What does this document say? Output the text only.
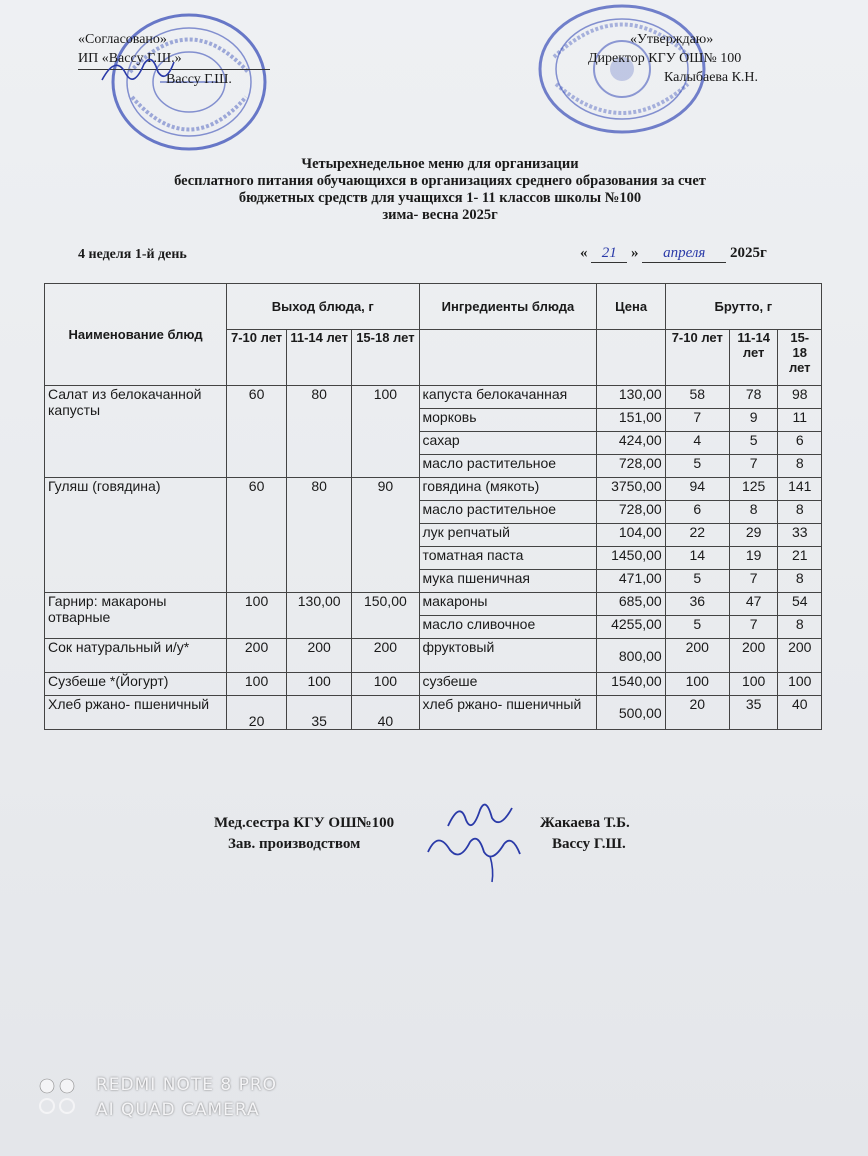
«Согласовано»
ИП «Вассу Г.Ш.»
Вассу Г.Ш.
«Утверждаю»
Директор КГУ ОШ№ 100
Калыбаева К.Н.
Четырехнедельное меню для организации
бесплатного питания обучающихся в организациях среднего образования за счет
бюджетных средств для учащихся 1- 11 классов школы №100
зима- весна 2025г
4 неделя 1-й день	« 21 » апреля 2025г
Наименование блюд	Выход блюда, г			Ингредиенты блюда	Цена	Брутто, г		
	7-10 лет	11-14 лет	15-18 лет			7-10 лет	11-14 лет	15- 18 лет
Салат из белокачанной капусты	60	80	100	капуста белокачанная	130,00	58	78	98
				морковь	151,00	7	9	11
				сахар	424,00	4	5	6
				масло растительное	728,00	5	7	8
Гуляш (говядина)	60	80	90	говядина (мякоть)	3750,00	94	125	141
				масло растительное	728,00	6	8	8
				лук репчатый	104,00	22	29	33
				томатная паста	1450,00	14	19	21
				мука пшеничная	471,00	5	7	8
Гарнир: макароны отварные	100	130,00	150,00	макароны	685,00	36	47	54
				масло сливочное	4255,00	5	7	8
Сок натуральный и/у*	200	200	200	фруктовый	800,00	200	200	200
Сузбеше *(Йогурт)	100	100	100	сузбеше	1540,00	100	100	100
Хлеб ржано- пшеничный	20	35	40	хлеб ржано- пшеничный	500,00	20	35	40
Мед.сестра КГУ ОШ№100	Жакаева Т.Б.
Зав. производством	Вассу Г.Ш.
REDMI NOTE 8 PRO
AI QUAD CAMERA
